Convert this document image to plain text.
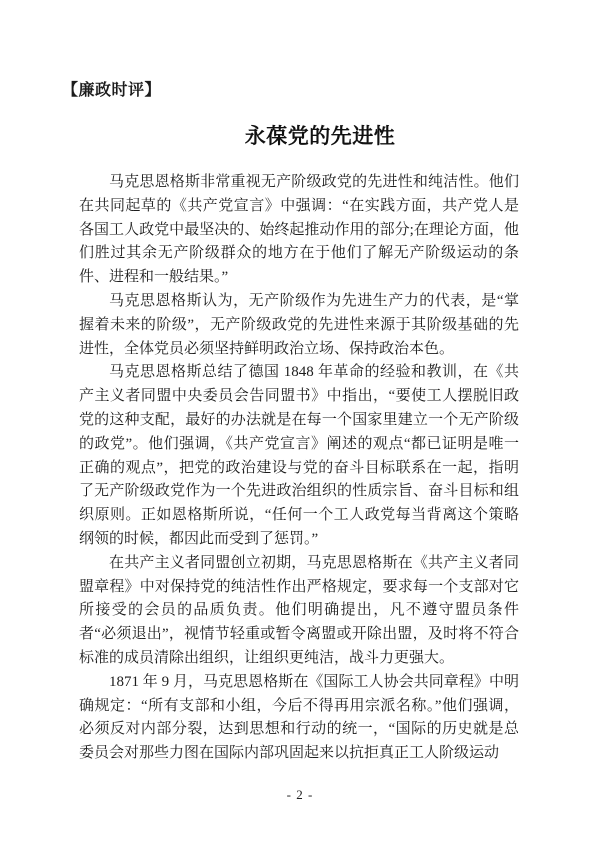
【廉政时评】
永葆党的先进性

马克思恩格斯非常重视无产阶级政党的先进性和纯洁性。他们在共同起草的《共产党宣言》中强调：“在实践方面，共产党人是各国工人政党中最坚决的、始终起推动作用的部分;在理论方面，他们胜过其余无产阶级群众的地方在于他们了解无产阶级运动的条件、进程和一般结果。”

马克思恩格斯认为，无产阶级作为先进生产力的代表，是“掌握着未来的阶级”，无产阶级政党的先进性来源于其阶级基础的先进性，全体党员必须坚持鲜明政治立场、保持政治本色。

马克思恩格斯总结了德国 1848 年革命的经验和教训，在《共产主义者同盟中央委员会告同盟书》中指出，“要使工人摆脱旧政党的这种支配，最好的办法就是在每一个国家里建立一个无产阶级的政党”。他们强调，《共产党宣言》阐述的观点“都已证明是唯一正确的观点”，把党的政治建设与党的奋斗目标联系在一起，指明了无产阶级政党作为一个先进政治组织的性质宗旨、奋斗目标和组织原则。正如恩格斯所说，“任何一个工人政党每当背离这个策略纲领的时候，都因此而受到了惩罚。”

在共产主义者同盟创立初期，马克思恩格斯在《共产主义者同盟章程》中对保持党的纯洁性作出严格规定，要求每一个支部对它所接受的会员的品质负责。他们明确提出，凡不遵守盟员条件者“必须退出”，视情节轻重或暂令离盟或开除出盟，及时将不符合标准的成员清除出组织，让组织更纯洁，战斗力更强大。

1871 年 9 月，马克思恩格斯在《国际工人协会共同章程》中明确规定：“所有支部和小组，今后不得再用宗派名称。”他们强调，必须反对内部分裂，达到思想和行动的统一，“国际的历史就是总委员会对那些力图在国际内部巩固起来以抗拒真正工人阶级运动

- 2 -
